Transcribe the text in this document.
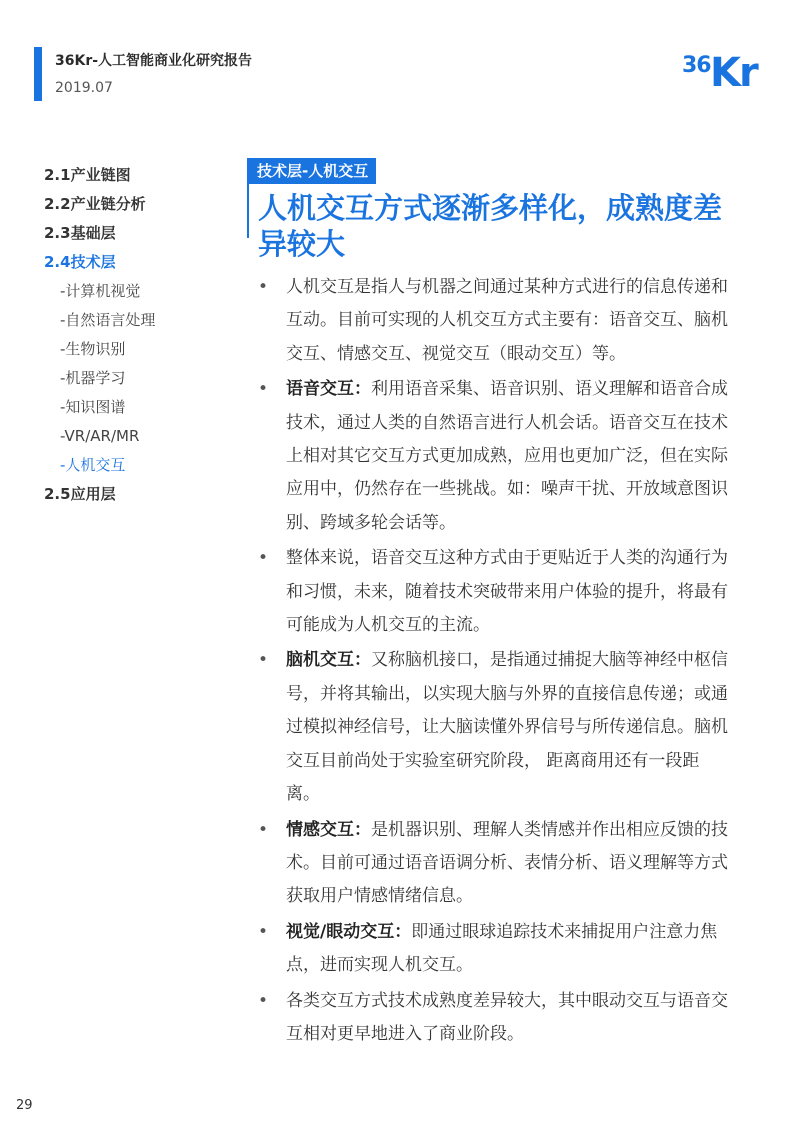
36Kr-人工智能商业化研究报告
2019.07
36 Kr
2.1产业链图
2.2产业链分析
2.3基础层
2.4技术层
-计算机视觉
-自然语言处理
-生物识别
-机器学习
-知识图谱
-VR/AR/MR
-人机交互
2.5应用层
技术层-人机交互
人机交互方式逐渐多样化，成熟度差异较大
• 人机交互是指人与机器之间通过某种方式进行的信息传递和互动。目前可实现的人机交互方式主要有：语音交互、脑机交互、情感交互、视觉交互（眼动交互）等。
• 语音交互：利用语音采集、语音识别、语义理解和语音合成技术，通过人类的自然语言进行人机会话。语音交互在技术上相对其它交互方式更加成熟，应用也更加广泛，但在实际应用中，仍然存在一些挑战。如：噪声干扰、开放域意图识别、跨域多轮会话等。
• 整体来说，语音交互这种方式由于更贴近于人类的沟通行为和习惯，未来，随着技术突破带来用户体验的提升，将最有可能成为人机交互的主流。
• 脑机交互：又称脑机接口，是指通过捕捉大脑等神经中枢信号，并将其输出，以实现大脑与外界的直接信息传递；或通过模拟神经信号，让大脑读懂外界信号与所传递信息。脑机交互目前尚处于实验室研究阶段， 距离商用还有一段距离。
• 情感交互：是机器识别、理解人类情感并作出相应反馈的技术。目前可通过语音语调分析、表情分析、语义理解等方式获取用户情感情绪信息。
• 视觉/眼动交互：即通过眼球追踪技术来捕捉用户注意力焦点，进而实现人机交互。
• 各类交互方式技术成熟度差异较大，其中眼动交互与语音交互相对更早地进入了商业阶段。
29
